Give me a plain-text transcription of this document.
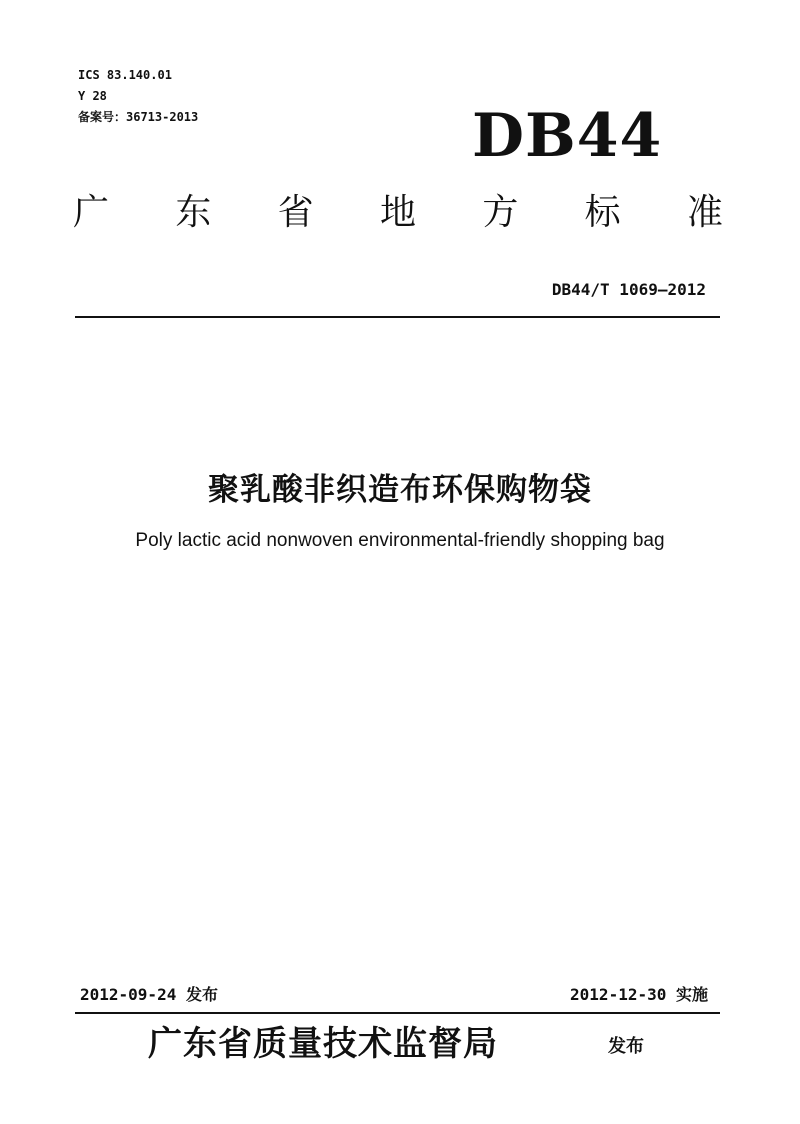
ICS 83.140.01
Y 28
备案号：36713-2013	DB44
广 东 省 地 方 标 准
DB44/T 1069—2012
聚乳酸非织造布环保购物袋
Poly lactic acid nonwoven environmental-friendly shopping bag
2012-09-24 发布	2012-12-30 实施
广东省质量技术监督局	发布
